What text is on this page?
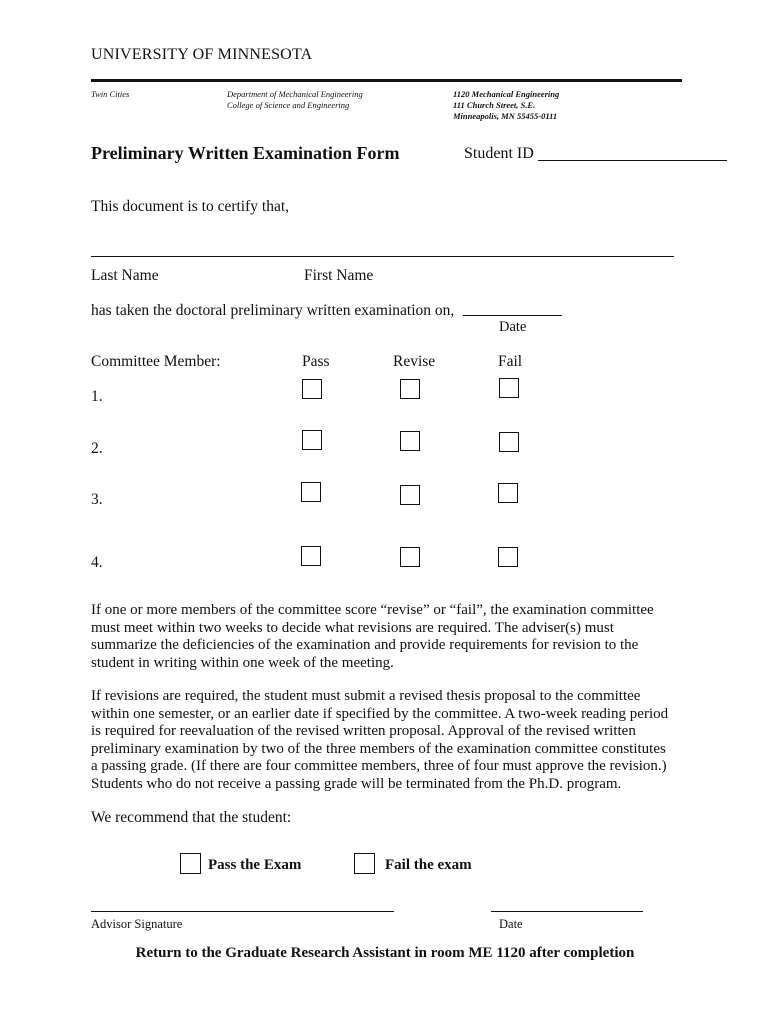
UNIVERSITY OF MINNESOTA
Twin Cities	Department of Mechanical Engineering
College of Science and Engineering
1120 Mechanical Engineering
111 Church Street, S.E.
Minneapolis, MN 55455-0111
Preliminary Written Examination Form	Student ID
This document is to certify that,
Last Name	First Name
has taken the doctoral preliminary written examination on,
Date
Committee Member:	Pass	Revise	Fail
1.
2.
3.
4.
If one or more members of the committee score “revise” or “fail”, the examination committee
must meet within two weeks to decide what revisions are required. The adviser(s) must
summarize the deficiencies of the examination and provide requirements for revision to the
student in writing within one week of the meeting.
If revisions are required, the student must submit a revised thesis proposal to the committee
within one semester, or an earlier date if specified by the committee. A two-week reading period
is required for reevaluation of the revised written proposal. Approval of the revised written
preliminary examination by two of the three members of the examination committee constitutes
a passing grade. (If there are four committee members, three of four must approve the revision.)
Students who do not receive a passing grade will be terminated from the Ph.D. program.
We recommend that the student:
Pass the Exam	Fail the exam
Advisor Signature	Date
Return to the Graduate Research Assistant in room ME 1120 after completion
